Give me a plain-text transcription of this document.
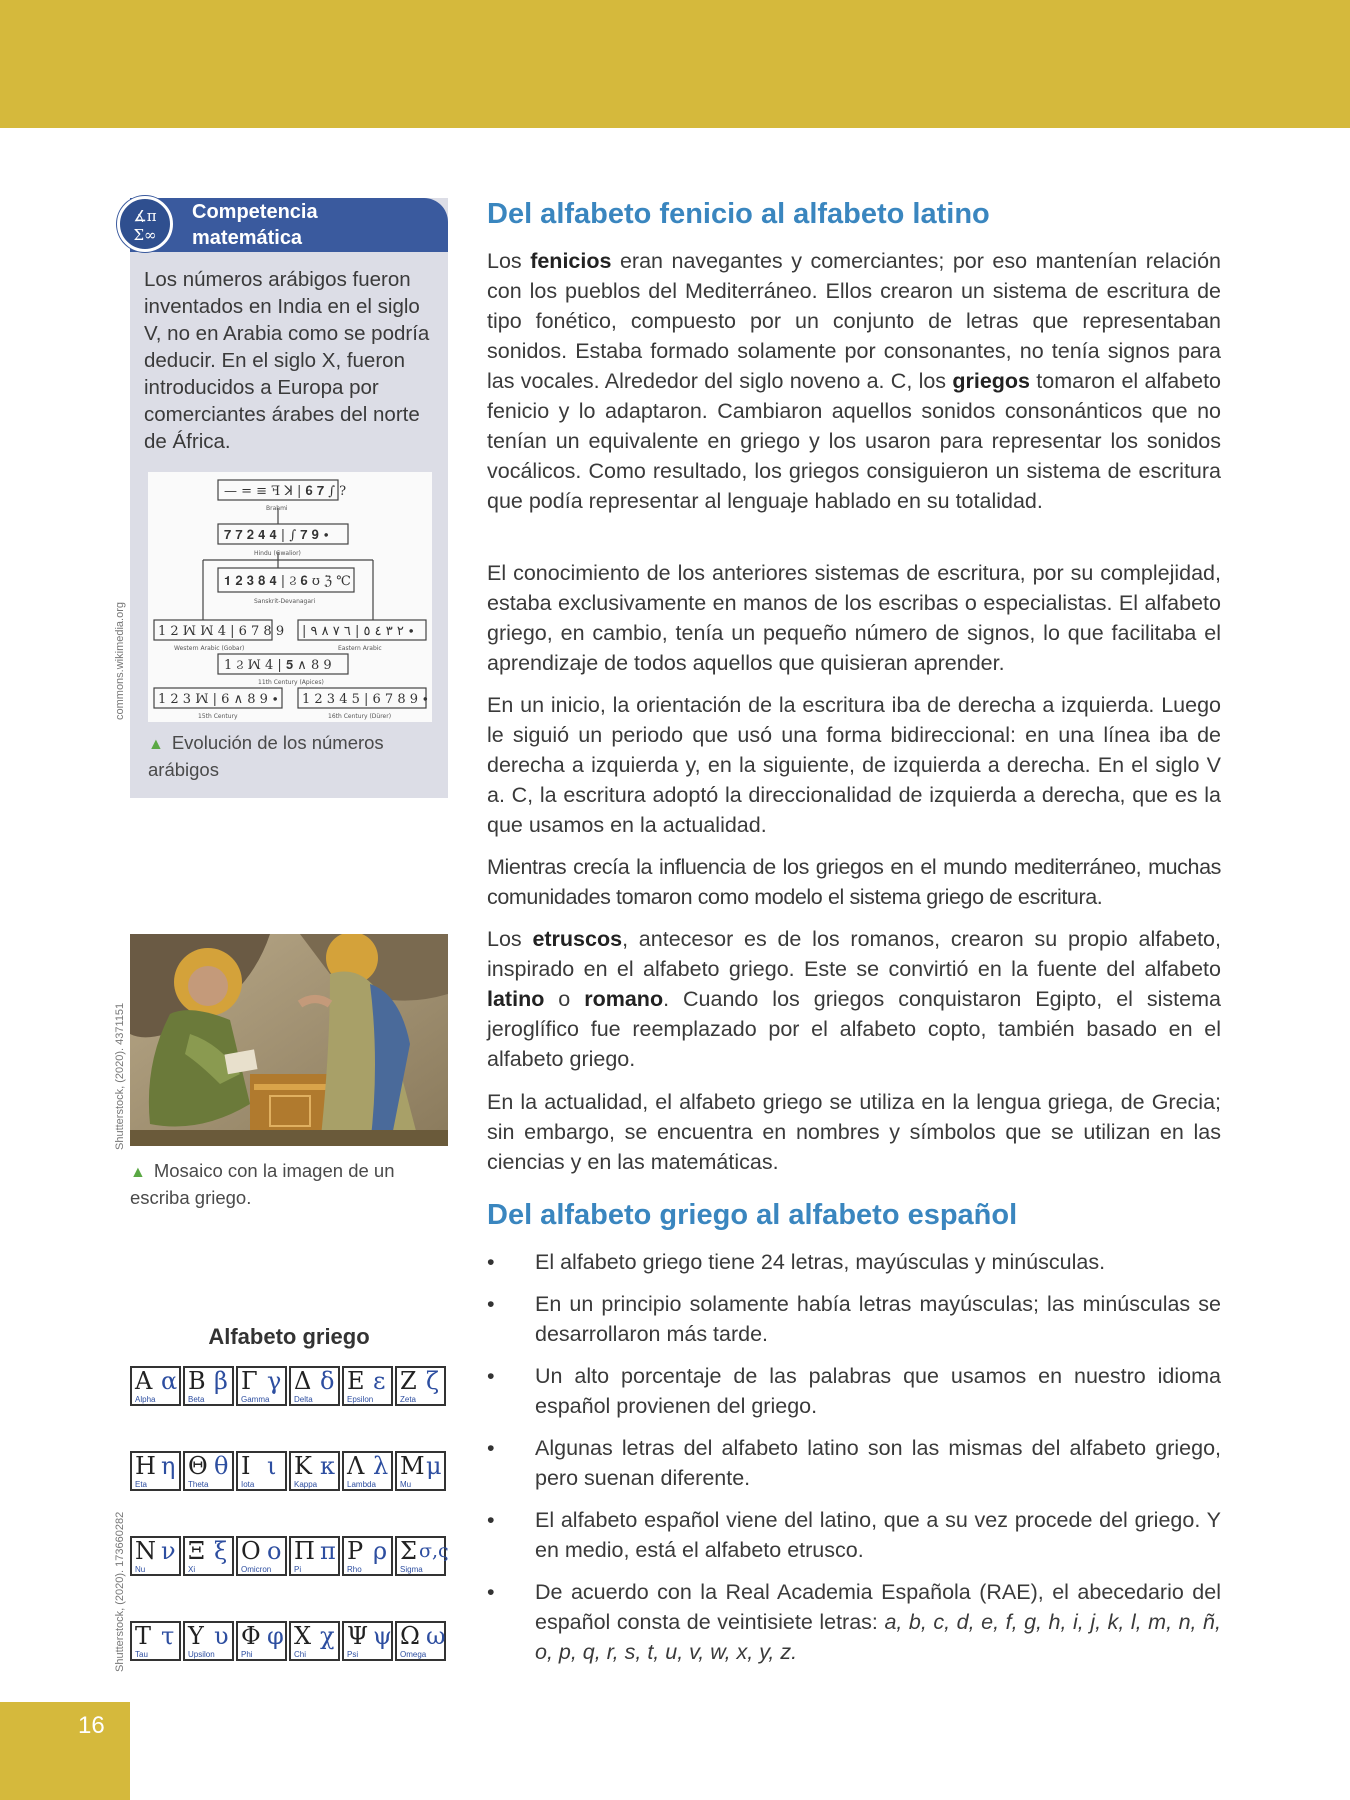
∡π
Σ∞
Competencia
matemática
Los números arábigos fueron inventados en India en el siglo V, no en Arabia como se podría deducir. En el siglo X, fueron introducidos a Europa por comerciantes árabes del norte de África.
— = ≡ ꟻ ꓘ | 𝟔 𝟕 ∫ ?
𝟕 𝟕 𝟐 𝟒 𝟒 | ∫ 𝟕 𝟗 ∙
𝟏 𝟐 𝟑 𝟖 𝟒 | Ϩ 𝟔 ʊ ℨ ℃
1 2 ꟽ ꟽ 4 | 6 7 8 9 | ٢ ٣ ٤ ٥ | ٦ ٧ ٨ ٩ ∙
1 Ϩ ꟽ 4 | 𝟓 ∧ 8 9
1 2 3 ꟽ | 6 ∧ 8 9 ∙ 1 2 3 4 5 | 6 7 8 9 ∙
Brahmi
Hindu (Gwalior)
Sanskrit-Devanagari
Western Arabic (Gobar)	Eastern Arabic
11th Century (Apices)
15th Century	16th Century (Dürer)
commons.wikimedia.org
▲ Evolución de los números arábigos
Shutterstock, (2020). 4371151
▲ Mosaico con la imagen de un escriba griego.
Alfabeto griego
Α α
Alpha
Β β
Beta
Γ γ
Gamma
Δ δ
Delta
Ε ε
Epsilon
Ζ ζ
Zeta
Η η
Eta
Θ θ
Theta
Ι ι
Iota
Κ κ
Kappa
Λ λ
Lambda
Μ μ
Mu
Ν ν
Nu
Ξ ξ
Xi
Ο ο
Omicron
Π π
Pi
Ρ ρ
Rho
Σ σ,ς
Sigma
Τ τ
Tau
Υ υ
Upsilon
Φ φ
Phi
Χ χ
Chi
Ψ ψ
Psi
Ω ω
Omega
Shutterstock, (2020). 173660282
Del alfabeto fenicio al alfabeto latino
Los fenicios eran navegantes y comerciantes; por eso mantenían relación con los pueblos del Mediterráneo. Ellos crearon un sistema de escritura de tipo fonético, compuesto por un conjunto de letras que representaban sonidos. Estaba formado solamente por consonantes, no tenía signos para las vocales. Alrededor del siglo noveno a. C, los griegos tomaron el alfabeto fenicio y lo adaptaron. Cambiaron aquellos sonidos consonánticos que no tenían un equivalente en griego y los usaron para representar los sonidos vocálicos. Como resultado, los griegos consiguieron un sistema de escritura que podía representar al lenguaje hablado en su totalidad.
El conocimiento de los anteriores sistemas de escritura, por su complejidad, estaba exclusivamente en manos de los escribas o especialistas. El alfabeto griego, en cambio, tenía un pequeño número de signos, lo que facilitaba el aprendizaje de todos aquellos que quisieran aprender.
En un inicio, la orientación de la escritura iba de derecha a izquierda. Luego le siguió un periodo que usó una forma bidireccional: en una línea iba de derecha a izquierda y, en la siguiente, de izquierda a derecha. En el siglo V a. C, la escritura adoptó la direccionalidad de izquierda a derecha, que es la que usamos en la actualidad.
Mientras crecía la influencia de los griegos en el mundo mediterráneo, muchas comunidades tomaron como modelo el sistema griego de escritura.
Los etruscos, antecesor es de los romanos, crearon su propio alfabeto, inspirado en el alfabeto griego. Este se convirtió en la fuente del alfabeto latino o romano. Cuando los griegos conquistaron Egipto, el sistema jeroglífico fue reemplazado por el alfabeto copto, también basado en el alfabeto griego.
En la actualidad, el alfabeto griego se utiliza en la lengua griega, de Grecia; sin embargo, se encuentra en nombres y símbolos que se utilizan en las ciencias y en las matemáticas.
Del alfabeto griego al alfabeto español
• El alfabeto griego tiene 24 letras, mayúsculas y minúsculas.
• En un principio solamente había letras mayúsculas; las minúsculas se desarrollaron más tarde.
• Un alto porcentaje de las palabras que usamos en nuestro idioma español provienen del griego.
• Algunas letras del alfabeto latino son las mismas del alfabeto griego, pero suenan diferente.
• El alfabeto español viene del latino, que a su vez procede del griego. Y en medio, está el alfabeto etrusco.
• De acuerdo con la Real Academia Española (RAE), el abecedario del español consta de veintisiete letras: a, b, c, d, e, f, g, h, i, j, k, l, m, n, ñ, o, p, q, r, s, t, u, v, w, x, y, z.
16
